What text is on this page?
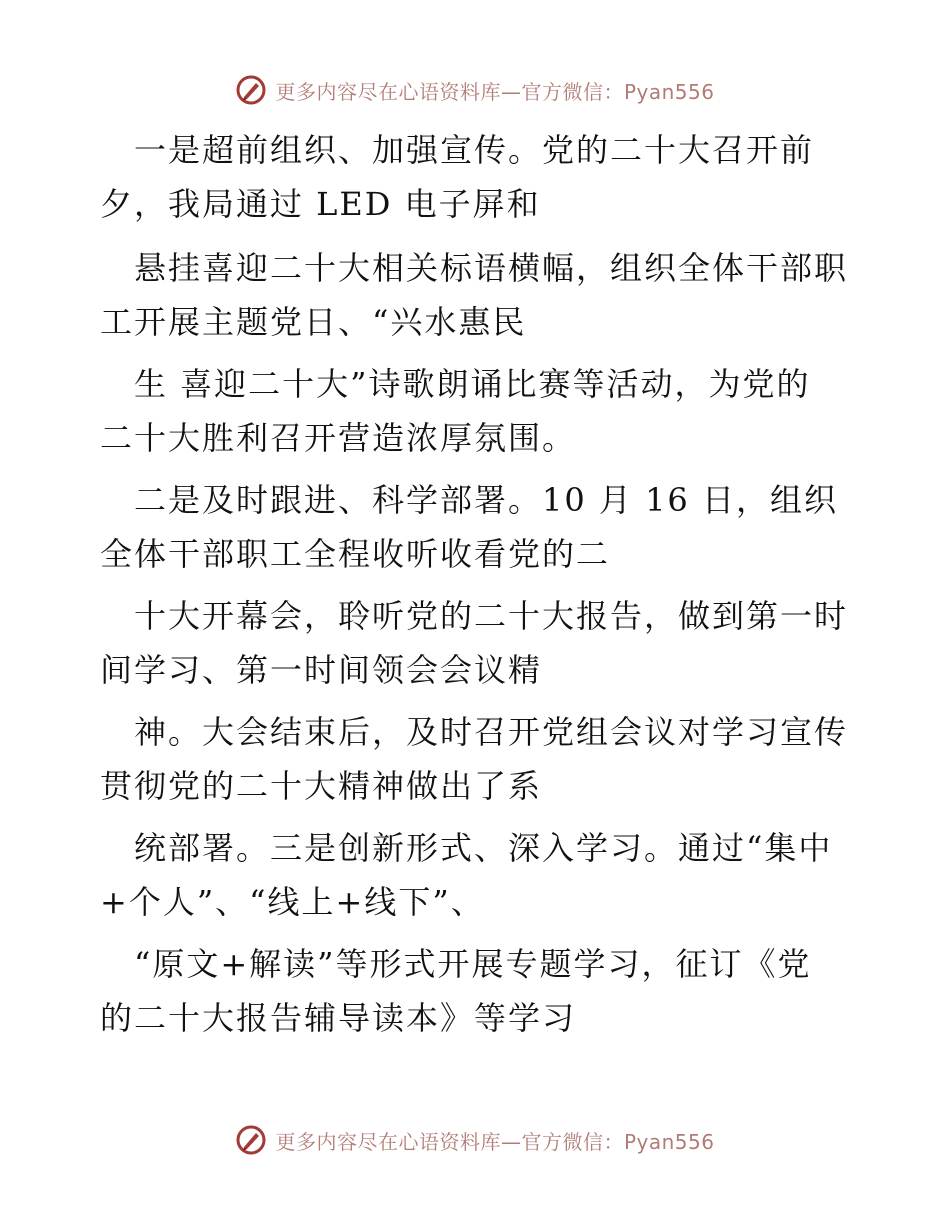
更多内容尽在心语资料库—官方微信：Pyan556
一是超前组织、加强宣传。党的二十大召开前
夕，我局通过 LED 电子屏和
悬挂喜迎二十大相关标语横幅，组织全体干部职
工开展主题党日、“兴水惠民
生 喜迎二十大”诗歌朗诵比赛等活动，为党的
二十大胜利召开营造浓厚氛围。
二是及时跟进、科学部署。10 月 16 日，组织
全体干部职工全程收听收看党的二
十大开幕会，聆听党的二十大报告，做到第一时
间学习、第一时间领会会议精
神。大会结束后，及时召开党组会议对学习宣传
贯彻党的二十大精神做出了系
统部署。三是创新形式、深入学习。通过“集中
+个人”、“线上+线下”、
“原文+解读”等形式开展专题学习，征订《党
的二十大报告辅导读本》等学习
更多内容尽在心语资料库—官方微信：Pyan556
